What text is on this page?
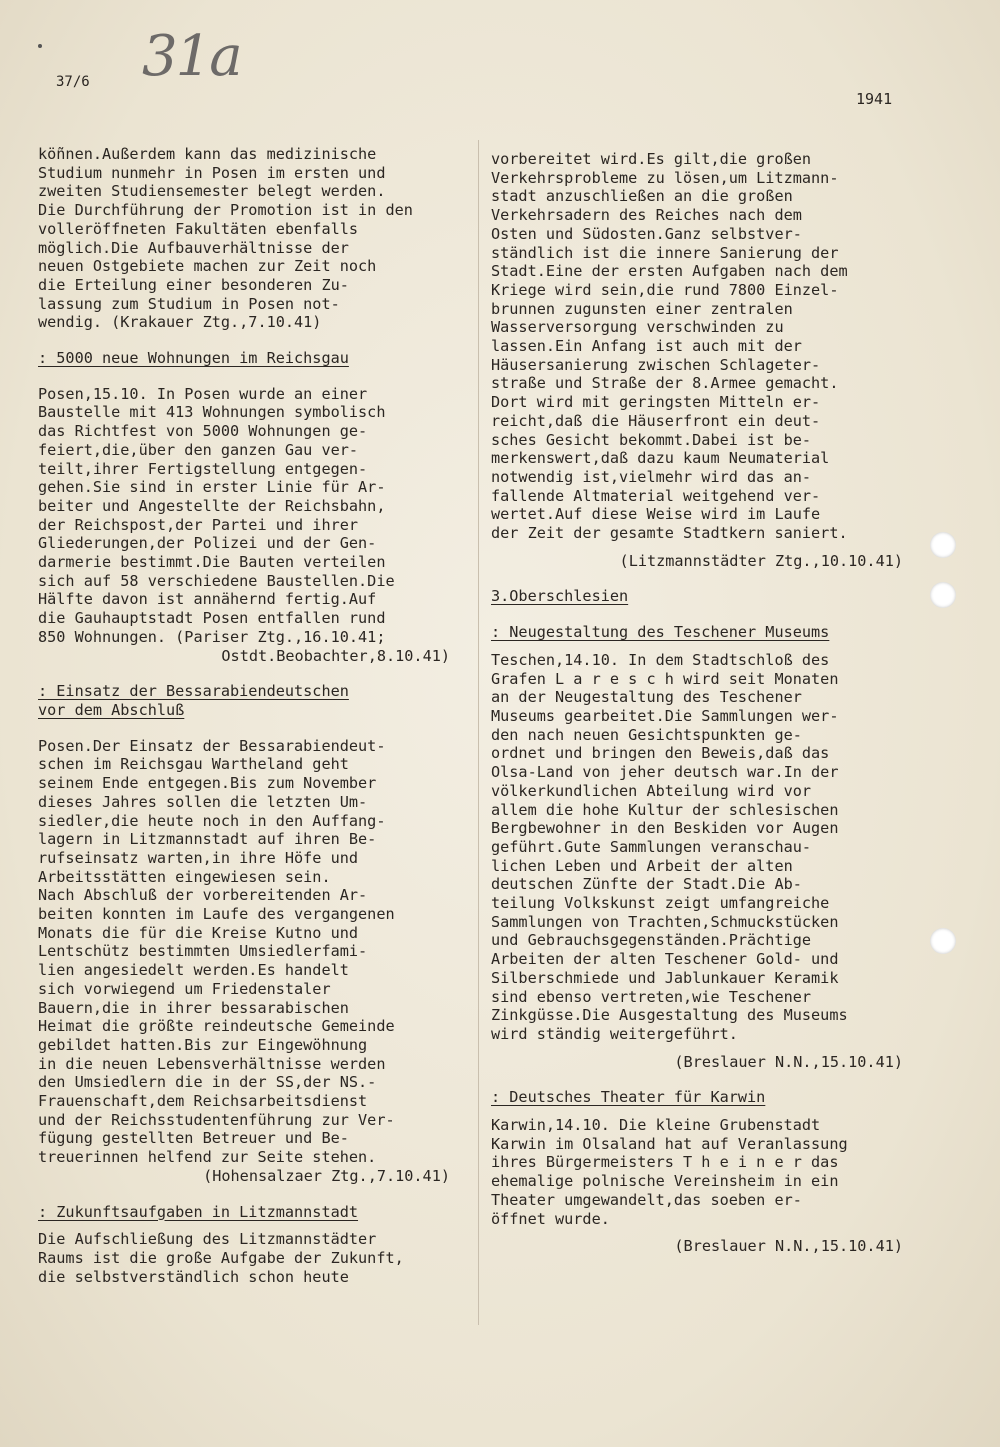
37/6 31a
1941

köñnen.Außerdem kann das medizinische

Studium nunmehr in Posen im ersten und

zweiten Studiensemester belegt werden.

Die Durchführung der Promotion ist in den

volleröffneten Fakultäten ebenfalls

möglich.Die Aufbauverhältnisse der

neuen Ostgebiete machen zur Zeit noch

die Erteilung einer besonderen Zu-

lassung zum Studium in Posen not-

wendig. (Krakauer Ztg.,7.10.41)

: 5000 neue Wohnungen im Reichsgau

Posen,15.10. In Posen wurde an einer

Baustelle mit 413 Wohnungen symbolisch

das Richtfest von 5000 Wohnungen ge-

feiert,die,über den ganzen Gau ver-

teilt,ihrer Fertigstellung entgegen-

gehen.Sie sind in erster Linie für Ar-

beiter und Angestellte der Reichsbahn,

der Reichspost,der Partei und ihrer

Gliederungen,der Polizei und der Gen-

darmerie bestimmt.Die Bauten verteilen

sich auf 58 verschiedene Baustellen.Die

Hälfte davon ist annähernd fertig.Auf

die Gauhauptstadt Posen entfallen rund

850 Wohnungen. (Pariser Ztg.,16.10.41;

Ostdt.Beobachter,8.10.41)

: Einsatz der Bessarabiendeutschen

vor dem Abschluß

Posen.Der Einsatz der Bessarabiendeut-

schen im Reichsgau Wartheland geht

seinem Ende entgegen.Bis zum November

dieses Jahres sollen die letzten Um-

siedler,die heute noch in den Auffang-

lagern in Litzmannstadt auf ihren Be-

rufseinsatz warten,in ihre Höfe und

Arbeitsstätten eingewiesen sein.

Nach Abschluß der vorbereitenden Ar-

beiten konnten im Laufe des vergangenen

Monats die für die Kreise Kutno und

Lentschütz bestimmten Umsiedlerfami-

lien angesiedelt werden.Es handelt

sich vorwiegend um Friedenstaler

Bauern,die in ihrer bessarabischen

Heimat die größte reindeutsche Gemeinde

gebildet hatten.Bis zur Eingewöhnung

in die neuen Lebensverhältnisse werden

den Umsiedlern die in der SS,der NS.-

Frauenschaft,dem Reichsarbeitsdienst

und der Reichsstudentenführung zur Ver-

fügung gestellten Betreuer und Be-

treuerinnen helfend zur Seite stehen.

(Hohensalzaer Ztg.,7.10.41)

: Zukunftsaufgaben in Litzmannstadt

Die Aufschließung des Litzmannstädter

Raums ist die große Aufgabe der Zukunft,

die selbstverständlich schon heute

vorbereitet wird.Es gilt,die großen

Verkehrsprobleme zu lösen,um Litzmann-

stadt anzuschließen an die großen

Verkehrsadern des Reiches nach dem

Osten und Südosten.Ganz selbstver-

ständlich ist die innere Sanierung der

Stadt.Eine der ersten Aufgaben nach dem

Kriege wird sein,die rund 7800 Einzel-

brunnen zugunsten einer zentralen

Wasserversorgung verschwinden zu

lassen.Ein Anfang ist auch mit der

Häusersanierung zwischen Schlageter-

straße und Straße der 8.Armee gemacht.

Dort wird mit geringsten Mitteln er-

reicht,daß die Häuserfront ein deut-

sches Gesicht bekommt.Dabei ist be-

merkenswert,daß dazu kaum Neumaterial

notwendig ist,vielmehr wird das an-

fallende Altmaterial weitgehend ver-

wertet.Auf diese Weise wird im Laufe

der Zeit der gesamte Stadtkern saniert.

(Litzmannstädter Ztg.,10.10.41)

3.Oberschlesien

: Neugestaltung des Teschener Museums

Teschen,14.10. In dem Stadtschloß des

Grafen L a r e s c h wird seit Monaten

an der Neugestaltung des Teschener

Museums gearbeitet.Die Sammlungen wer-

den nach neuen Gesichtspunkten ge-

ordnet und bringen den Beweis,daß das

Olsa-Land von jeher deutsch war.In der

völkerkundlichen Abteilung wird vor

allem die hohe Kultur der schlesischen

Bergbewohner in den Beskiden vor Augen

geführt.Gute Sammlungen veranschau-

lichen Leben und Arbeit der alten

deutschen Zünfte der Stadt.Die Ab-

teilung Volkskunst zeigt umfangreiche

Sammlungen von Trachten,Schmuckstücken

und Gebrauchsgegenständen.Prächtige

Arbeiten der alten Teschener Gold- und

Silberschmiede und Jablunkauer Keramik

sind ebenso vertreten,wie Teschener

Zinkgüsse.Die Ausgestaltung des Museums

wird ständig weitergeführt.

(Breslauer N.N.,15.10.41)

: Deutsches Theater für Karwin

Karwin,14.10. Die kleine Grubenstadt

Karwin im Olsaland hat auf Veranlassung

ihres Bürgermeisters T h e i n e r das

ehemalige polnische Vereinsheim in ein

Theater umgewandelt,das soeben er-

öffnet wurde.

(Breslauer N.N.,15.10.41)
